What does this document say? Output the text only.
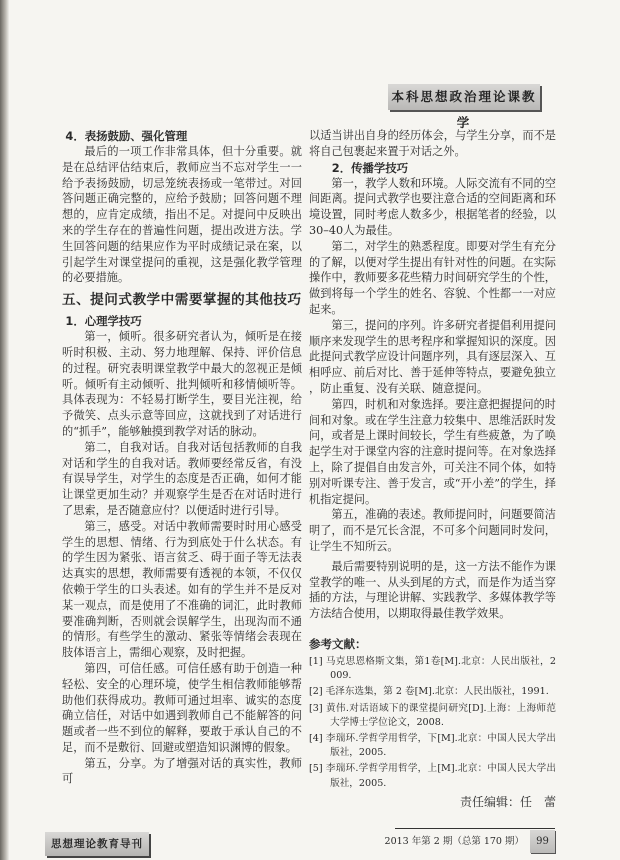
本科思想政治理论课教学
4．表扬鼓励、强化管理

最后的一项工作非常具体，但十分重要。就是在总结评估结束后，教师应当不忘对学生一一给予表扬鼓励，切忌笼统表扬或一笔带过。对回答问题正确完整的，应给予鼓励；回答问题不理想的，应肯定成绩，指出不足。对提问中反映出来的学生存在的普遍性问题，提出改进方法。学生回答问题的结果应作为平时成绩记录在案，以引起学生对课堂提问的重视，这是强化教学管理的必要措施。

五、提问式教学中需要掌握的其他技巧
1．心理学技巧

第一，倾听。很多研究者认为，倾听是在接听时积极、主动、努力地理解、保持、评价信息的过程。研究表明课堂教学中最大的忽视正是倾听。倾听有主动倾听、批判倾听和移情倾听等。具体表现为：不轻易打断学生，要目光注视，给予微笑、点头示意等回应，这就找到了对话进行的“抓手”，能够触摸到教学对话的脉动。

第二，自我对话。自我对话包括教师的自我对话和学生的自我对话。教师要经常反省，有没有误导学生，对学生的态度是否正确，如何才能让课堂更加生动？并观察学生是否在对话时进行了思索，是否随意应付？以便适时进行引导。

第三，感受。对话中教师需要时时用心感受学生的思想、情绪、行为到底处于什么状态。有的学生因为紧张、语言贫乏、碍于面子等无法表达真实的思想，教师需要有透视的本领，不仅仅依赖于学生的口头表述。如有的学生并不是反对某一观点，而是使用了不准确的词汇，此时教师要准确判断，否则就会误解学生，出现沟而不通的情形。有些学生的激动、紧张等情绪会表现在肢体语言上，需细心观察，及时把握。

第四，可信任感。可信任感有助于创造一种轻松、安全的心理环境，使学生相信教师能够帮助他们获得成功。教师可通过坦率、诚实的态度确立信任，对话中如遇到教师自己不能解答的问题或者一些不到位的解释，要敢于承认自己的不足，而不是敷衍、回避或塑造知识渊博的假象。

第五，分享。为了增强对话的真实性，教师可

以适当讲出自身的经历体会，与学生分享，而不是将自己包裹起来置于对话之外。

2．传播学技巧

第一，教学人数和环境。人际交流有不同的空间距离。提问式教学也要注意合适的空间距离和环境设置，同时考虑人数多少，根据笔者的经验，以30–40人为最佳。

第二，对学生的熟悉程度。即要对学生有充分的了解，以便对学生提出有针对性的问题。在实际操作中，教师要多花些精力时间研究学生的个性，做到将每一个学生的姓名、容貌、个性都一一对应起来。

第三，提问的序列。许多研究者提倡利用提问顺序来发现学生的思考程序和掌握知识的深度。因此提问式教学应设计问题序列，具有逐层深入、互相呼应、前后对比、善于延伸等特点，要避免独立，防止重复、没有关联、随意提问。

第四，时机和对象选择。要注意把握提问的时间和对象。或在学生注意力较集中、思维活跃时发问，或者是上课时间较长，学生有些疲惫，为了唤起学生对于课堂内容的注意时提问等。在对象选择上，除了提倡自由发言外，可关注不同个体，如特别对听课专注、善于发言，或“开小差”的学生，择机指定提问。

第五，准确的表述。教师提问时，问题要简洁明了，而不是冗长含混，不可多个问题同时发问，让学生不知所云。

最后需要特别说明的是，这一方法不能作为课堂教学的唯一、从头到尾的方式，而是作为适当穿插的方法，与理论讲解、实践教学、多媒体教学等方法结合使用，以期取得最佳教学效果。

参考文献：
[1] 马克思恩格斯文集，第1卷[M].北京：人民出版社，2009.
[2] 毛泽东选集，第 2 卷[M].北京：人民出版社，1991.
[3] 黄伟.对话语域下的课堂提问研究[D].上海：上海师范大学博士学位论文，2008.
[4] 李瑞环.学哲学用哲学，下[M].北京：中国人民大学出版社，2005.
[5] 李瑞环.学哲学用哲学，上[M].北京：中国人民大学出版社，2005.
责任编辑：任　蕾
思想理论教育导刊	2013 年第 2 期（总第 170 期）	99
